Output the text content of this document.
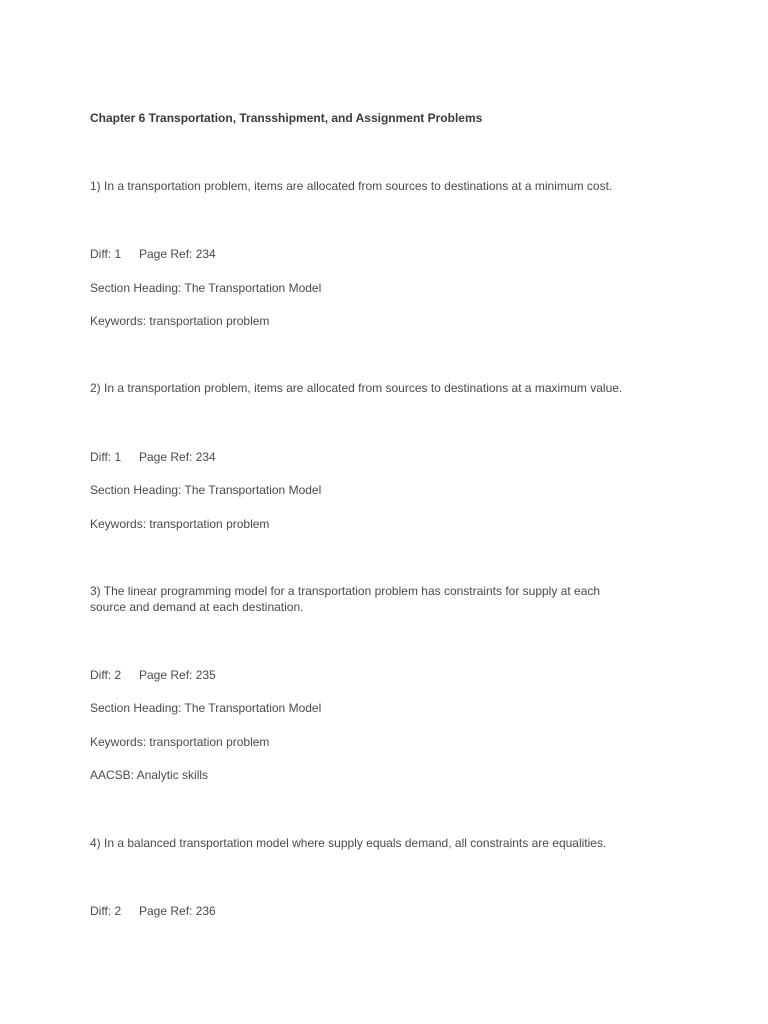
Chapter 6 Transportation, Transshipment, and Assignment Problems
1) In a transportation problem, items are allocated from sources to destinations at a minimum cost.
Diff: 1 Page Ref: 234
Section Heading: The Transportation Model
Keywords: transportation problem
2) In a transportation problem, items are allocated from sources to destinations at a maximum value.
Diff: 1 Page Ref: 234
Section Heading: The Transportation Model
Keywords: transportation problem
3) The linear programming model for a transportation problem has constraints for supply at each
source and demand at each destination.
Diff: 2 Page Ref: 235
Section Heading: The Transportation Model
Keywords: transportation problem
AACSB: Analytic skills
4) In a balanced transportation model where supply equals demand, all constraints are equalities.
Diff: 2 Page Ref: 236
